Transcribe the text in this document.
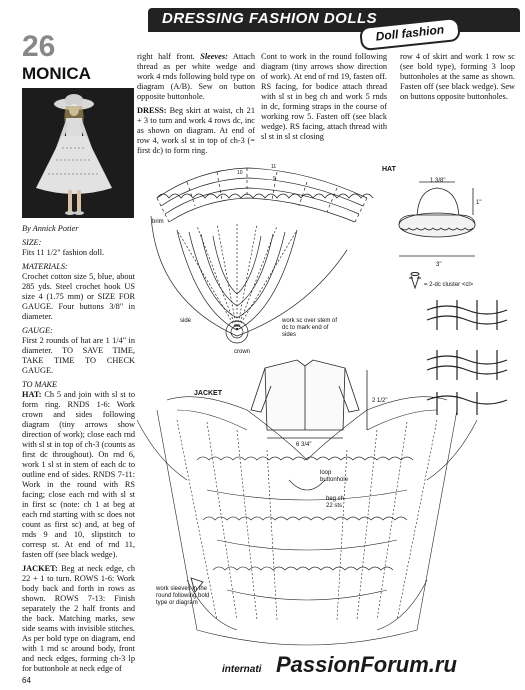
DRESSING FASHION DOLLS
Doll fashion
26
MONICA

By Annick Potier

SIZE:

Fits 11 1/2" fashion doll.

MATERIALS:

Crochet cotton size 5, blue, about 285 yds. Steel crochet hook US size 4 (1.75 mm) or SIZE FOR GAUGE. Four buttons 3/8" in diameter.

GAUGE:

First 2 rounds of hat are 1 1/4" in diameter. TO SAVE TIME, TAKE TIME TO CHECK GAUGE.

TO MAKE

HAT: Ch 5 and join with sl st to form ring. RNDS 1-6: Work crown and sides following diagram (tiny arrows show direction of work); close each rnd with sl st in top of ch-3 (counts as first dc throughout). On rnd 6, work 1 sl st in stem of each dc to outline end of sides. RNDS 7-11: Work in the round with RS facing; close each rnd with sl st in first sc (note: ch 1 at beg at each rnd starting with sc does not count as first sc) and, at beg of rnds 9 and 10, slipstitch to corresp st. At end of rnd 11, fasten off (see black wedge).

JACKET: Beg at neck edge, ch 22 + 1 to turn. ROWS 1-6: Work body back and forth in rows as shown. ROWS 7-13: Finish separately the 2 half fronts and the back. Matching marks, sew side seams with invisible stitches. As per bold type on diagram, end with 1 rnd sc around body, front and neck edges, forming ch-3 lp for buttonhole at neck edge of

right half front. Sleeves: Attach thread as per white wedge and work 4 rnds following bold type on diagram (A/B). Sew on button opposite buttonhole.

DRESS: Beg skirt at waist, ch 21 + 3 to turn and work 4 rows dc, inc as shown on diagram. At end of row 4, work sl st in top of ch-3 (= first dc) to form ring.

Cont to work in the round following diagram (tiny arrows show direction of work). At end of rnd 19, fasten off. RS facing, for bodice attach thread with sl st in beg ch and work 5 rnds in dc, forming straps in the course of working row 5. Fasten off (see black wedge). RS facing, attach thread with sl st in sl st closing

row 4 of skirt and work 1 row sc (see bold type), forming 3 loop buttonholes at the same as shown. Fasten off (see black wedge). Sew on buttons opposite buttonholes.

11
10
9
HAT
brim
side
crown
work sc over stem of dc to mark end of sides
1 3/8"
1"
3"
= 2-dc cluster <cl>
JACKET
2 1/2"
6 3/4"
loop buttonhole
beg ch 22 sts
work sleeves in the round following bold type or diagram
64
internati PassionForum.ru
